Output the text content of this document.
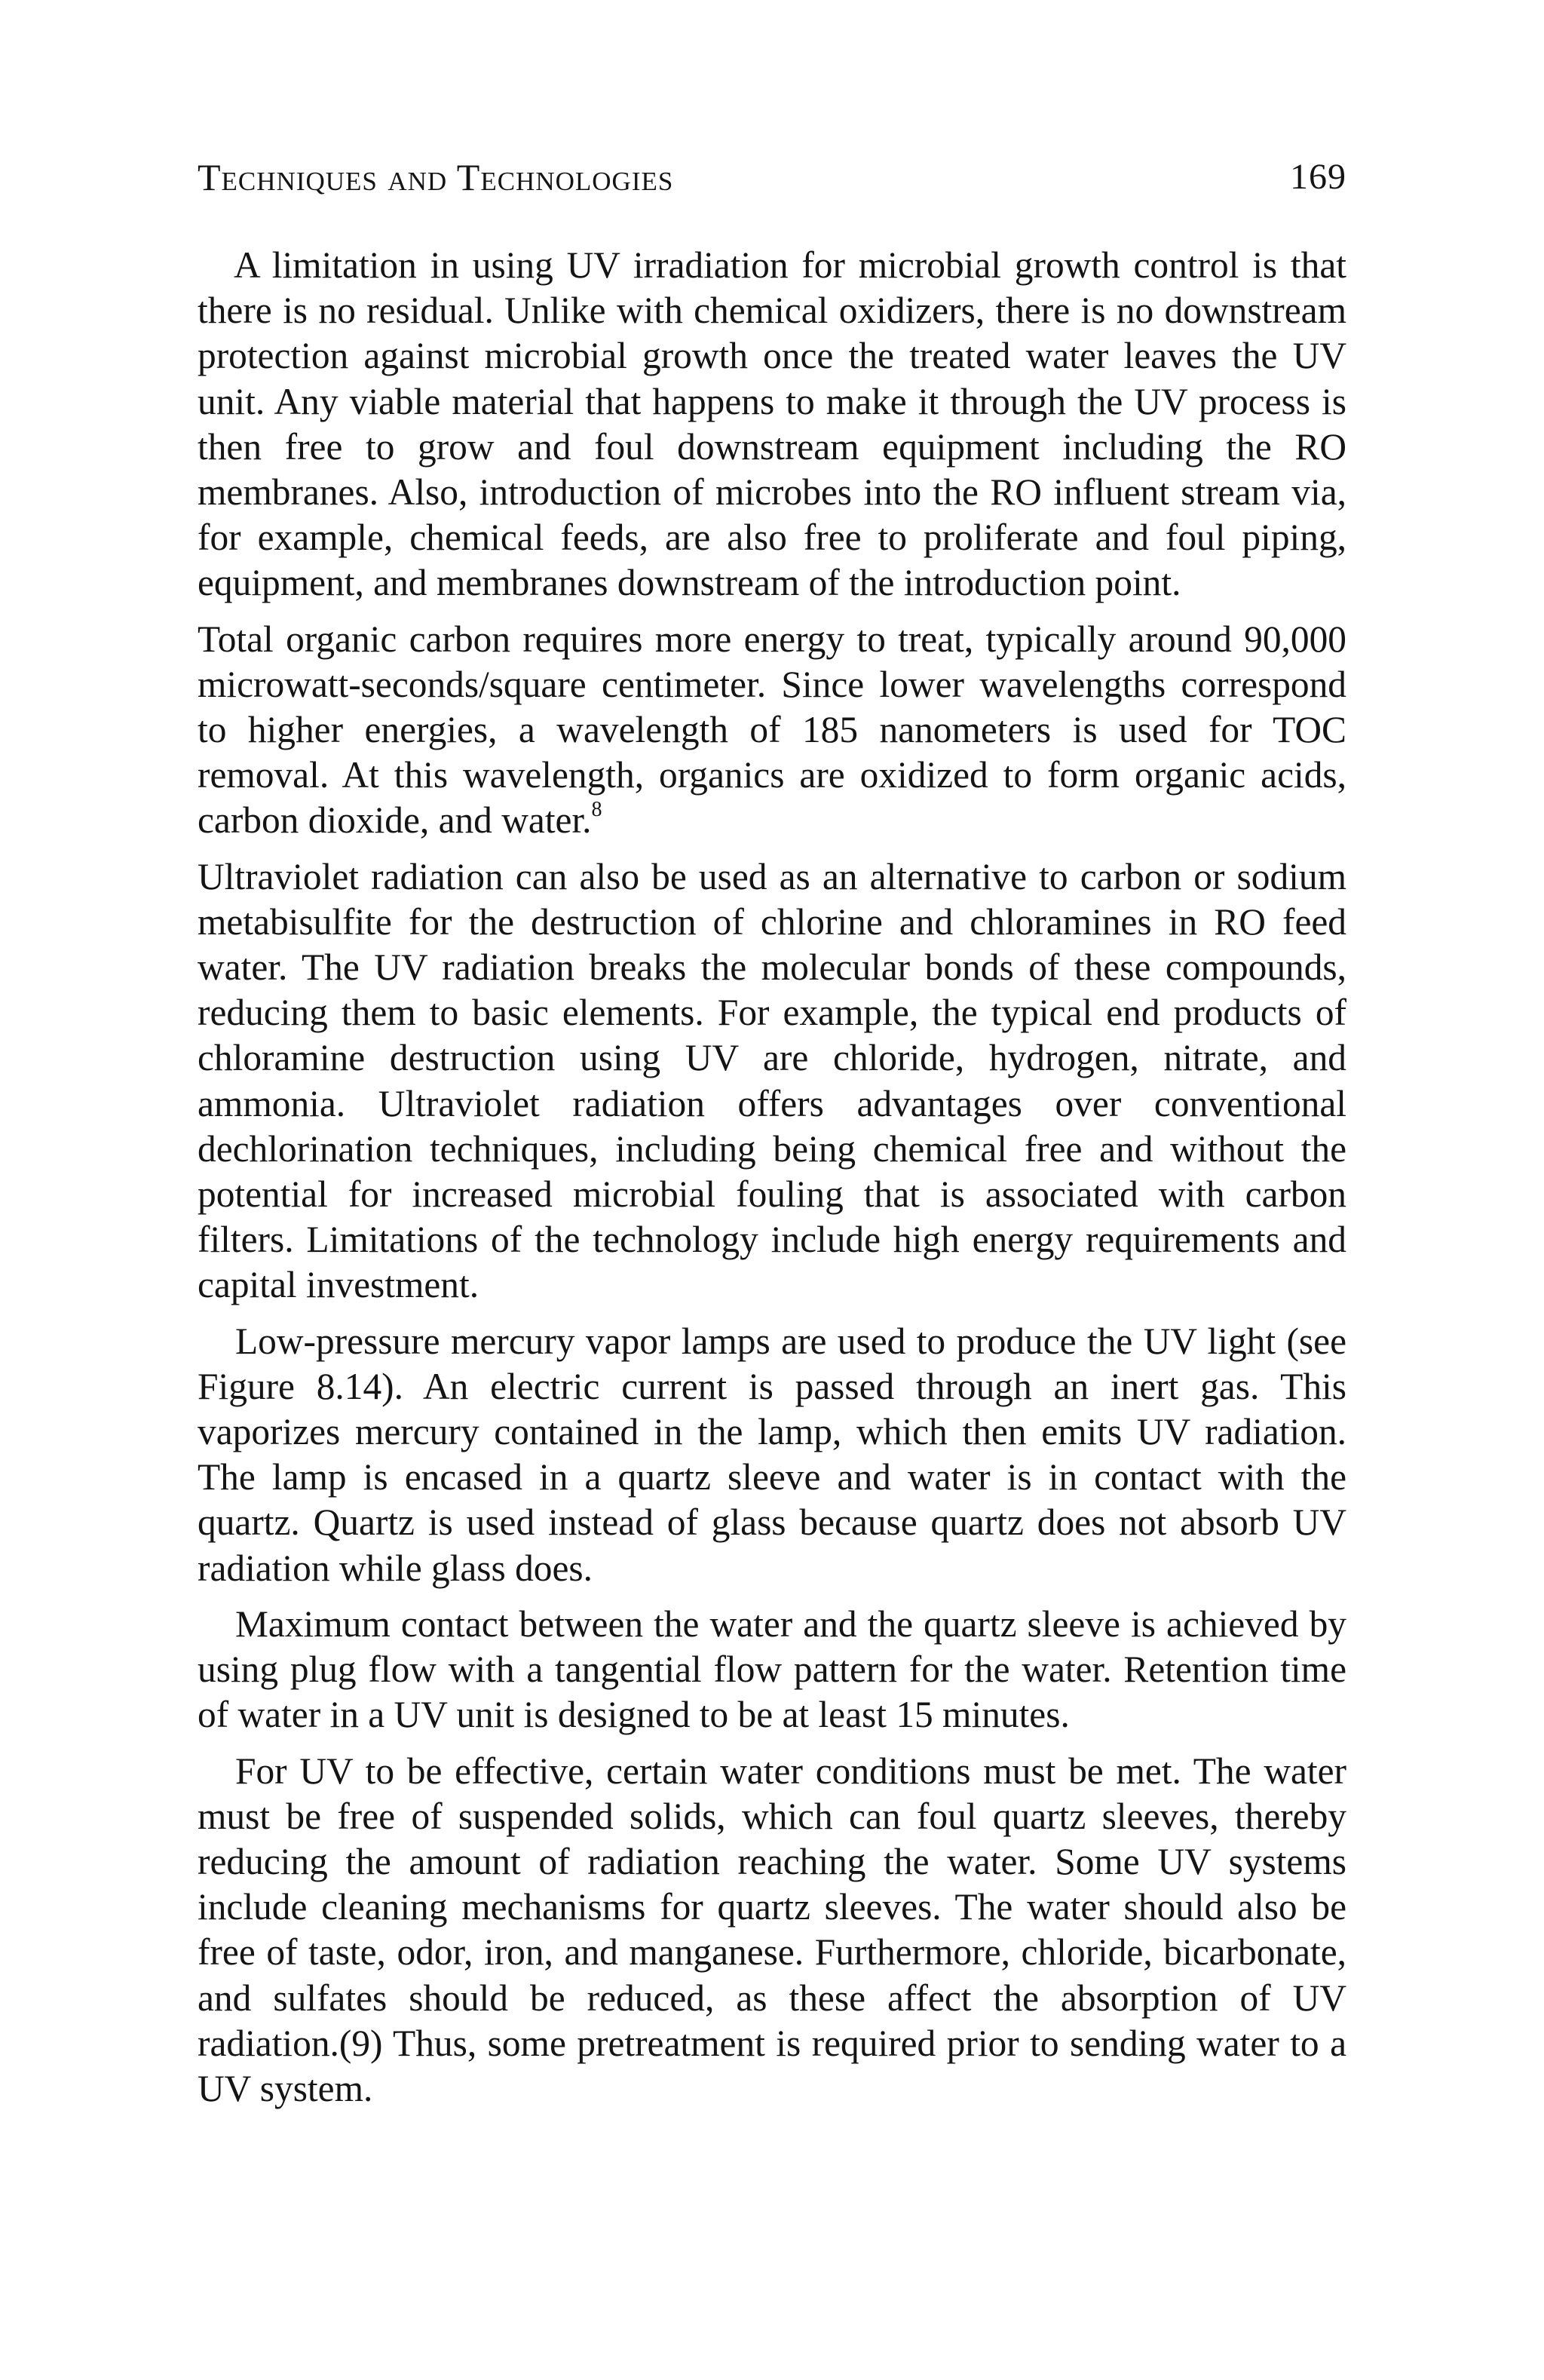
Techniques and Technologies	169

A limitation in using UV irradiation for microbial growth control is that there is no residual. Unlike with chemical oxidizers, there is no downstream protection against microbial growth once the treated water leaves the UV unit. Any viable material that happens to make it through the UV process is then free to grow and foul downstream equipment including the RO membranes. Also, introduction of microbes into the RO influent stream via, for example, chemical feeds, are also free to proliferate and foul piping, equipment, and membranes downstream of the introduction point.

Total organic carbon requires more energy to treat, typically around 90,000 microwatt-seconds/square centimeter. Since lower wavelengths correspond to higher energies, a wavelength of 185 nanometers is used for TOC removal. At this wavelength, organics are oxidized to form organic acids, carbon dioxide, and water.$^8$

Ultraviolet radiation can also be used as an alternative to carbon or sodium metabisulfite for the destruction of chlorine and chloramines in RO feed water. The UV radiation breaks the molecular bonds of these compounds, reducing them to basic elements. For example, the typical end products of chloramine destruction using UV are chloride, hydrogen, nitrate, and ammonia. Ultraviolet radiation offers advantages over conventional dechlorination techniques, including being chemical free and without the potential for increased microbial fouling that is associated with carbon filters. Limitations of the technology include high energy requirements and capital investment.

Low-pressure mercury vapor lamps are used to produce the UV light (see Figure 8.14). An electric current is passed through an inert gas. This vaporizes mercury contained in the lamp, which then emits UV radiation. The lamp is encased in a quartz sleeve and water is in contact with the quartz. Quartz is used instead of glass because quartz does not absorb UV radiation while glass does.

Maximum contact between the water and the quartz sleeve is achieved by using plug flow with a tangential flow pattern for the water. Retention time of water in a UV unit is designed to be at least 15 minutes.

For UV to be effective, certain water conditions must be met. The water must be free of suspended solids, which can foul quartz sleeves, thereby reducing the amount of radiation reaching the water. Some UV systems include cleaning mechanisms for quartz sleeves. The water should also be free of taste, odor, iron, and manganese. Furthermore, chloride, bicarbonate, and sulfates should be reduced, as these affect the absorption of UV radiation.(9) Thus, some pretreatment is required prior to sending water to a UV system.
